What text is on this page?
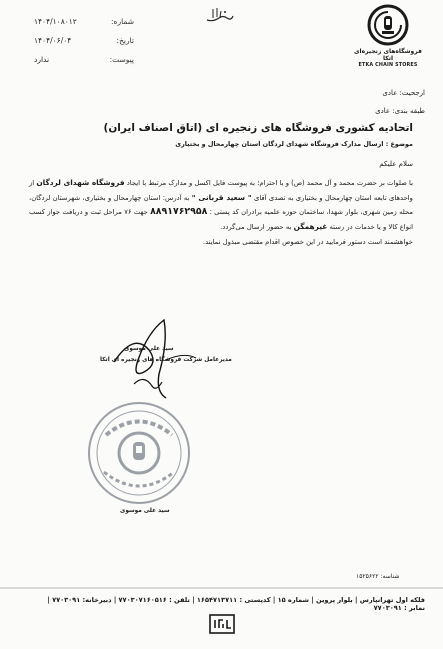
شماره:
۱۴۰۴/۱۰۸۰۱۲
تاریخ:
۱۴۰۴/۰۶/۰۴
پیوست:
ندارد
فروشگاه‌های زنجیره‌ای اتکا
ETKA CHAIN STORES
ارجحیت: عادی
طبقه بندی: عادی
اتحادیه کشوری فروشگاه های زنجیره ای (اتاق اصناف ایران)
موضوع : ارسال مدارک فروشگاه شهدای لردگان استان چهارمحال و بختیاری
سلام علیکم

با صلوات بر حضرت محمد و آل محمد (ص) و با احترام؛ به پیوست فایل اکسل و مدارک مرتبط با ایجاد فروشگاه شهدای لردگان از واحدهای تابعه استان چهارمحال و بختیاری به تصدی آقای " سعید قربانی " به آدرس: استان چهارمحال و بختیاری، شهرستان لردگان، محله زمین شهری، بلوار شهدا، ساختمان حوزه علمیه برادران کد پستی : ۸۸۹۱۷۶۲۹۵۸ جهت ۷۶ مراحل ثبت و دریافت جواز کسب انواع کالا و یا خدمات در رسته غیرهمگن به حضور ارسال می‌گردد.

خواهشمند است دستور فرمایید در این خصوص اقدام مقتضی مبذول نمایند.
سید علی موسوی
مدیرعامل شرکت فروشگاه های زنجیره ای اتکا
سید علی موسوی
شناسه: ۱۵۲۵۶۲۲
فلکه اول تهرانپارس | بلوار پروین | شماره ۱۵ | کدپستی : ۱۶۵۴۷۱۳۷۱۱ | تلفن : ۷۷۰۳۰۷۱۶۰۵۱۶ | دبیرخانه: ۷۷۰۳۰۹۱ | نمابر : ۷۷۰۳۰۹۱
